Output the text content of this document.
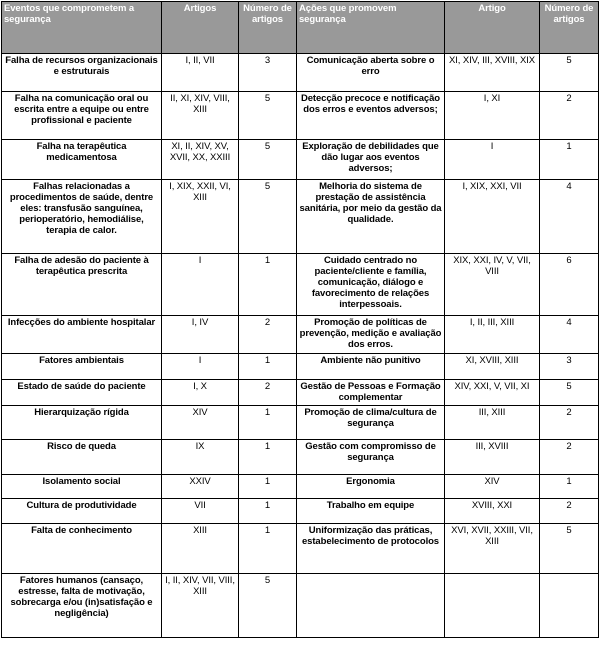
Eventos que comprometem a segurança	Artigos	Número de artigos	Ações que promovem segurança	Artigo	Número de artigos
Falha de recursos organizacionais e estruturais	I, II, VII	3	Comunicação aberta sobre o erro	XI, XIV, III, XVIII, XIX	5
Falha na comunicação oral ou escrita entre a equipe ou entre profissional e paciente	II, XI, XIV, VIII, XIII	5	Detecção precoce e notificação dos erros e eventos adversos;	I, XI	2
Falha na terapêutica medicamentosa	XI, II, XIV, XV, XVII, XX, XXIII	5	Exploração de debilidades que dão lugar aos eventos adversos;	I	1
Falhas relacionadas a procedimentos de saúde, dentre eles: transfusão sanguínea, perioperatório, hemodiálise, terapia de calor.	I, XIX, XXII, VI, XIII	5	Melhoria do sistema de prestação de assistência sanitária, por meio da gestão da qualidade.	I, XIX, XXI, VII	4
Falha de adesão do paciente à terapêutica prescrita	I	1	Cuidado centrado no paciente/cliente e família, comunicação, diálogo e favorecimento de relações interpessoais.	XIX, XXI, IV, V, VII, VIII	6
Infecções do ambiente hospitalar	I, IV	2	Promoção de políticas de prevenção, medição e avaliação dos erros.	I, II, III, XIII	4
Fatores ambientais	I	1	Ambiente não punitivo	XI, XVIII, XIII	3
Estado de saúde do paciente	I, X	2	Gestão de Pessoas e Formação complementar	XIV, XXI, V, VII, XI	5
Hierarquização rígida	XIV	1	Promoção de clima/cultura de segurança	III, XIII	2
Risco de queda	IX	1	Gestão com compromisso de segurança	III, XVIII	2
Isolamento social	XXIV	1	Ergonomia	XIV	1
Cultura de produtividade	VII	1	Trabalho em equipe	XVIII, XXI	2
Falta de conhecimento	XIII	1	Uniformização das práticas, estabelecimento de protocolos	XVI, XVII, XXIII, VII, XIII	5
Fatores humanos (cansaço, estresse, falta de motivação, sobrecarga e/ou (in)satisfação e negligência)	I, II, XIV, VII, VIII, XIII	5			
